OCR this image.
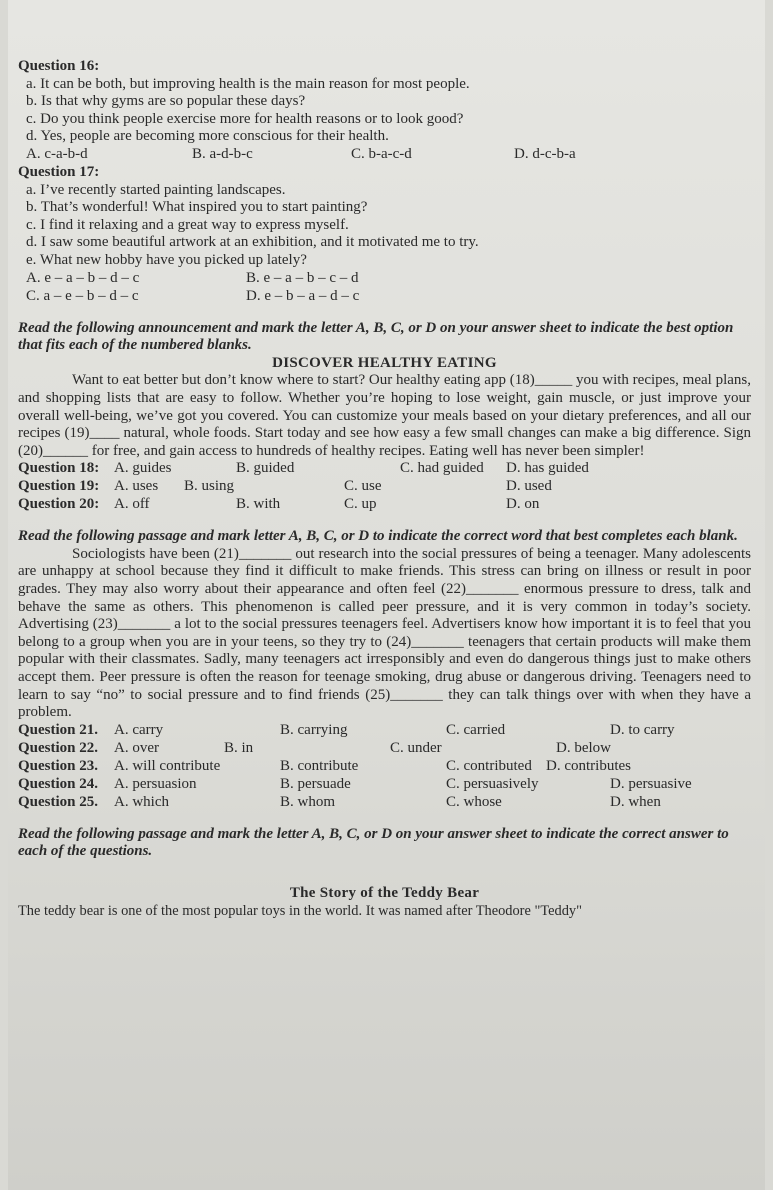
Question 16:
a. It can be both, but improving health is the main reason for most people.
b. Is that why gyms are so popular these days?
c. Do you think people exercise more for health reasons or to look good?
d. Yes, people are becoming more conscious for their health.
A. c-a-b-d	B. a-d-b-c	C. b-a-c-d	D. d-c-b-a
Question 17:
a. I’ve recently started painting landscapes.
b. That’s wonderful! What inspired you to start painting?
c. I find it relaxing and a great way to express myself.
d. I saw some beautiful artwork at an exhibition, and it motivated me to try.
e. What new hobby have you picked up lately?
A. e – a – b – d – c	B. e – a – b – c – d
C. a – e – b – d – c	D. e – b – a – d – c
Read the following announcement and mark the letter A, B, C, or D on your answer sheet to indicate the best option that fits each of the numbered blanks.
DISCOVER HEALTHY EATING
Want to eat better but don’t know where to start? Our healthy eating app (18)_____ you with recipes, meal plans, and shopping lists that are easy to follow. Whether you’re hoping to lose weight, gain muscle, or just improve your overall well-being, we’ve got you covered. You can customize your meals based on your dietary preferences, and all our recipes (19)____ natural, whole foods. Start today and see how easy a few small changes can make a big difference. Sign (20)______ for free, and gain access to hundreds of healthy recipes. Eating well has never been simpler!
Question 18: A. guides	B. guided	C. had guided D. has guided
Question 19: A. uses B. using	C. use	D. used
Question 20: A. off	B. with	C. up	D. on
Read the following passage and mark letter A, B, C, or D to indicate the correct word that best completes each blank.
Sociologists have been (21)_______ out research into the social pressures of being a teenager. Many adolescents are unhappy at school because they find it difficult to make friends. This stress can bring on illness or result in poor grades. They may also worry about their appearance and often feel (22)_______ enormous pressure to dress, talk and behave the same as others. This phenomenon is called peer pressure, and it is very common in today’s society. Advertising (23)_______ a lot to the social pressures teenagers feel. Advertisers know how important it is to feel that you belong to a group when you are in your teens, so they try to (24)_______ teenagers that certain products will make them popular with their classmates. Sadly, many teenagers act irresponsibly and even do dangerous things just to make others accept them. Peer pressure is often the reason for teenage smoking, drug abuse or dangerous driving. Teenagers need to learn to say “no” to social pressure and to find friends (25)_______ they can talk things over with when they have a problem.
Question 21. A. carry	B. carrying	C. carried	D. to carry
Question 22. A. over	B. in	C. under	D. below
Question 23. A. will contribute	B. contribute	C. contributed D. contributes
Question 24. A. persuasion	B. persuade	C. persuasively	D. persuasive
Question 25. A. which	B. whom	C. whose	D. when
Read the following passage and mark the letter A, B, C, or D on your answer sheet to indicate the correct answer to each of the questions.
The Story of the Teddy Bear
The teddy bear is one of the most popular toys in the world. It was named after Theodore "Teddy"
